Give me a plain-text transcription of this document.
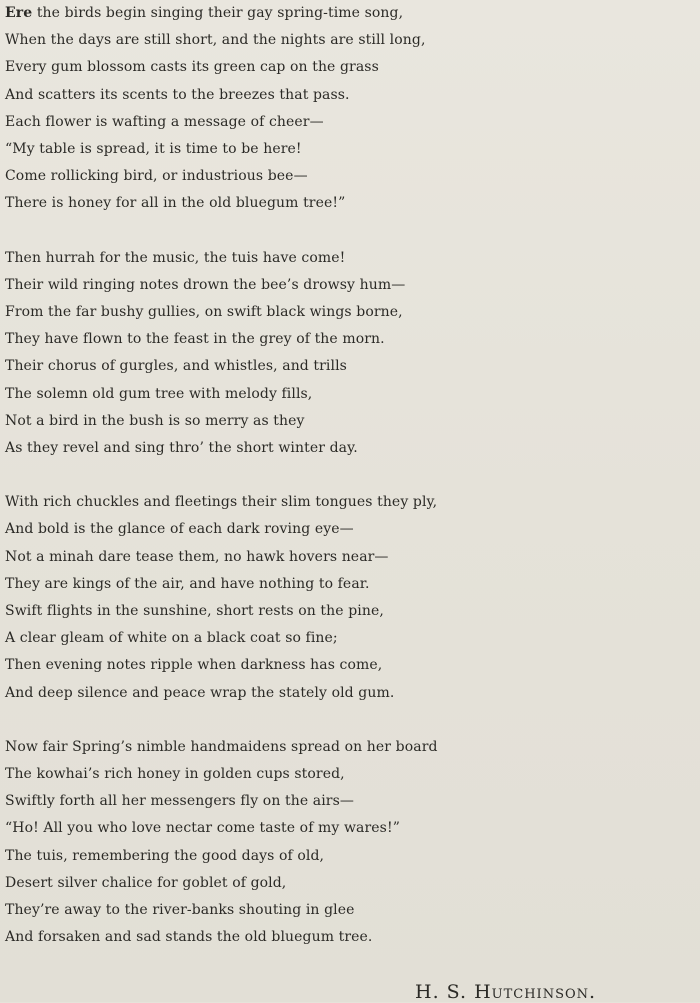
Ere the birds begin singing their gay spring-time song,
When the days are still short, and the nights are still long,
Every gum blossom casts its green cap on the grass
And scatters its scents to the breezes that pass.
Each flower is wafting a message of cheer—
“My table is spread, it is time to be here!
Come rollicking bird, or industrious bee—
There is honey for all in the old bluegum tree!”
Then hurrah for the music, the tuis have come!
Their wild ringing notes drown the bee’s drowsy hum—
From the far bushy gullies, on swift black wings borne,
They have flown to the feast in the grey of the morn.
Their chorus of gurgles, and whistles, and trills
The solemn old gum tree with melody fills,
Not a bird in the bush is so merry as they
As they revel and sing thro’ the short winter day.
With rich chuckles and fleetings their slim tongues they ply,
And bold is the glance of each dark roving eye—
Not a minah dare tease them, no hawk hovers near—
They are kings of the air, and have nothing to fear.
Swift flights in the sunshine, short rests on the pine,
A clear gleam of white on a black coat so fine;
Then evening notes ripple when darkness has come,
And deep silence and peace wrap the stately old gum.
Now fair Spring’s nimble handmaidens spread on her board
The kowhai’s rich honey in golden cups stored,
Swiftly forth all her messengers fly on the airs—
“Ho! All you who love nectar come taste of my wares!”
The tuis, remembering the good days of old,
Desert silver chalice for goblet of gold,
They’re away to the river-banks shouting in glee
And forsaken and sad stands the old bluegum tree.
H. S. Hutchinson.
